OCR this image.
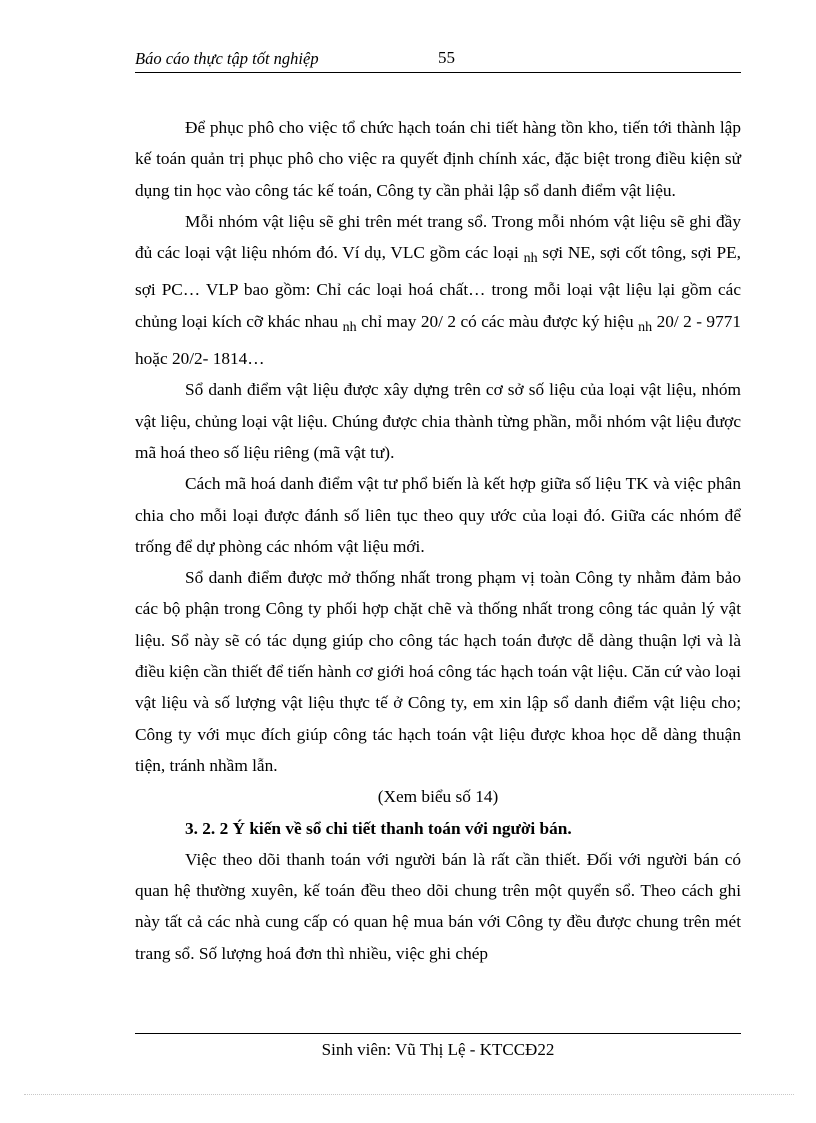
Báo cáo thực tập tốt nghiệp	55

Để phục phô cho việc tổ chức hạch toán chi tiết hàng tồn kho, tiến tới thành lập kế toán quản trị phục phô cho việc ra quyết định chính xác, đặc biệt trong điều kiện sử dụng tin học vào công tác kế toán, Công ty cần phải lập sổ danh điểm vật liệu.

Mỗi nhóm vật liệu sẽ ghi trên mét trang sổ. Trong mỗi nhóm vật liệu sẽ ghi đầy đủ các loại vật liệu nhóm đó. Ví dụ, VLC gồm các loại $_{nh}$ sợi NE, sợi cốt tông, sợi PE, sợi PC… VLP bao gồm: Chỉ các loại hoá chất… trong mỗi loại vật liệu lại gồm các chủng loại kích cỡ khác nhau $_{nh}$ chỉ may 20/ 2 có các màu được ký hiệu $_{nh}$ 20/ 2 - 9771 hoặc 20/2- 1814…

Sổ danh điểm vật liệu được xây dựng trên cơ sở số liệu của loại vật liệu, nhóm vật liệu, chủng loại vật liệu. Chúng được chia thành từng phần, mỗi nhóm vật liệu được mã hoá theo số liệu riêng (mã vật tư).

Cách mã hoá danh điểm vật tư phổ biến là kết hợp giữa số liệu TK và việc phân chia cho mỗi loại được đánh số liên tục theo quy ước của loại đó. Giữa các nhóm để trống để dự phòng các nhóm vật liệu mới.

Sổ danh điểm được mở thống nhất trong phạm vị toàn Công ty nhằm đảm bảo các bộ phận trong Công ty phối hợp chặt chẽ và thống nhất trong công tác quản lý vật liệu. Sổ này sẽ có tác dụng giúp cho công tác hạch toán được dễ dàng thuận lợi và là điều kiện cần thiết để tiến hành cơ giới hoá công tác hạch toán vật liệu. Căn cứ vào loại vật liệu và số lượng vật liệu thực tế ở Công ty, em xin lập sổ danh điểm vật liệu cho; Công ty với mục đích giúp công tác hạch toán vật liệu được khoa học dễ dàng thuận tiện, tránh nhầm lẫn.

(Xem biểu số 14)

3. 2. 2 Ý kiến về sổ chi tiết thanh toán với người bán.

Việc theo dõi thanh toán với người bán là rất cần thiết. Đối với người bán có quan hệ thường xuyên, kế toán đều theo dõi chung trên một quyển sổ. Theo cách ghi này tất cả các nhà cung cấp có quan hệ mua bán với Công ty đều được chung trên mét trang sổ. Số lượng hoá đơn thì nhiều, việc ghi chép

Sinh viên: Vũ Thị Lệ - KTCCĐ22
